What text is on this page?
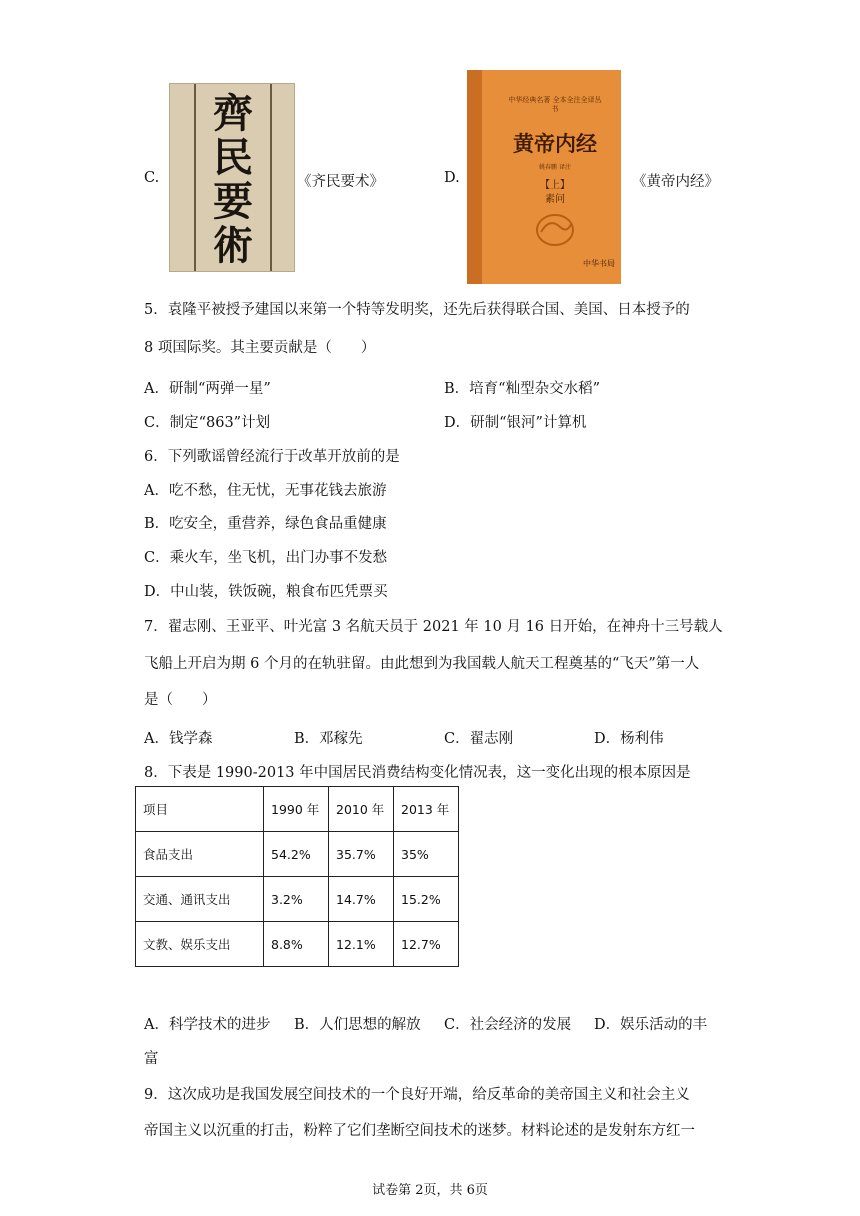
C.
齊民要術
《齐民要术》	D.
中华经典名著 全本全注全译丛书
黄帝内经
姚春鹏 译注
【上】
素问
中华书局
《黄帝内经》
5．袁隆平被授予建国以来第一个特等发明奖，还先后获得联合国、美国、日本授予的
8 项国际奖。其主要贡献是（　　）
A．研制“两弹一星”	B．培育“籼型杂交水稻”
C．制定“863”计划	D．研制“银河”计算机
6．下列歌谣曾经流行于改革开放前的是
A．吃不愁，住无忧，无事花钱去旅游
B．吃安全，重营养，绿色食品重健康
C．乘火车，坐飞机，出门办事不发愁
D．中山装，铁饭碗，粮食布匹凭票买
7．翟志刚、王亚平、叶光富 3 名航天员于 2021 年 10 月 16 日开始，在神舟十三号载人
飞船上开启为期 6 个月的在轨驻留。由此想到为我国载人航天工程奠基的“飞天”第一人
是（　　）
A．钱学森	B．邓稼先	C．翟志刚	D．杨利伟
8．下表是 1990-2013 年中国居民消费结构变化情况表，这一变化出现的根本原因是
项目	1990 年	2010 年	2013 年
食品支出	54.2%	35.7%	35%
交通、通讯支出	3.2%	14.7%	15.2%
文教、娱乐支出	8.8%	12.1%	12.7%
A．科学技术的进步 B．人们思想的解放 C．社会经济的发展 D．娱乐活动的丰
富
9．这次成功是我国发展空间技术的一个良好开端，给反革命的美帝国主义和社会主义
帝国主义以沉重的打击，粉粹了它们垄断空间技术的迷梦。材料论述的是发射东方红一
试卷第 2页，共 6页
